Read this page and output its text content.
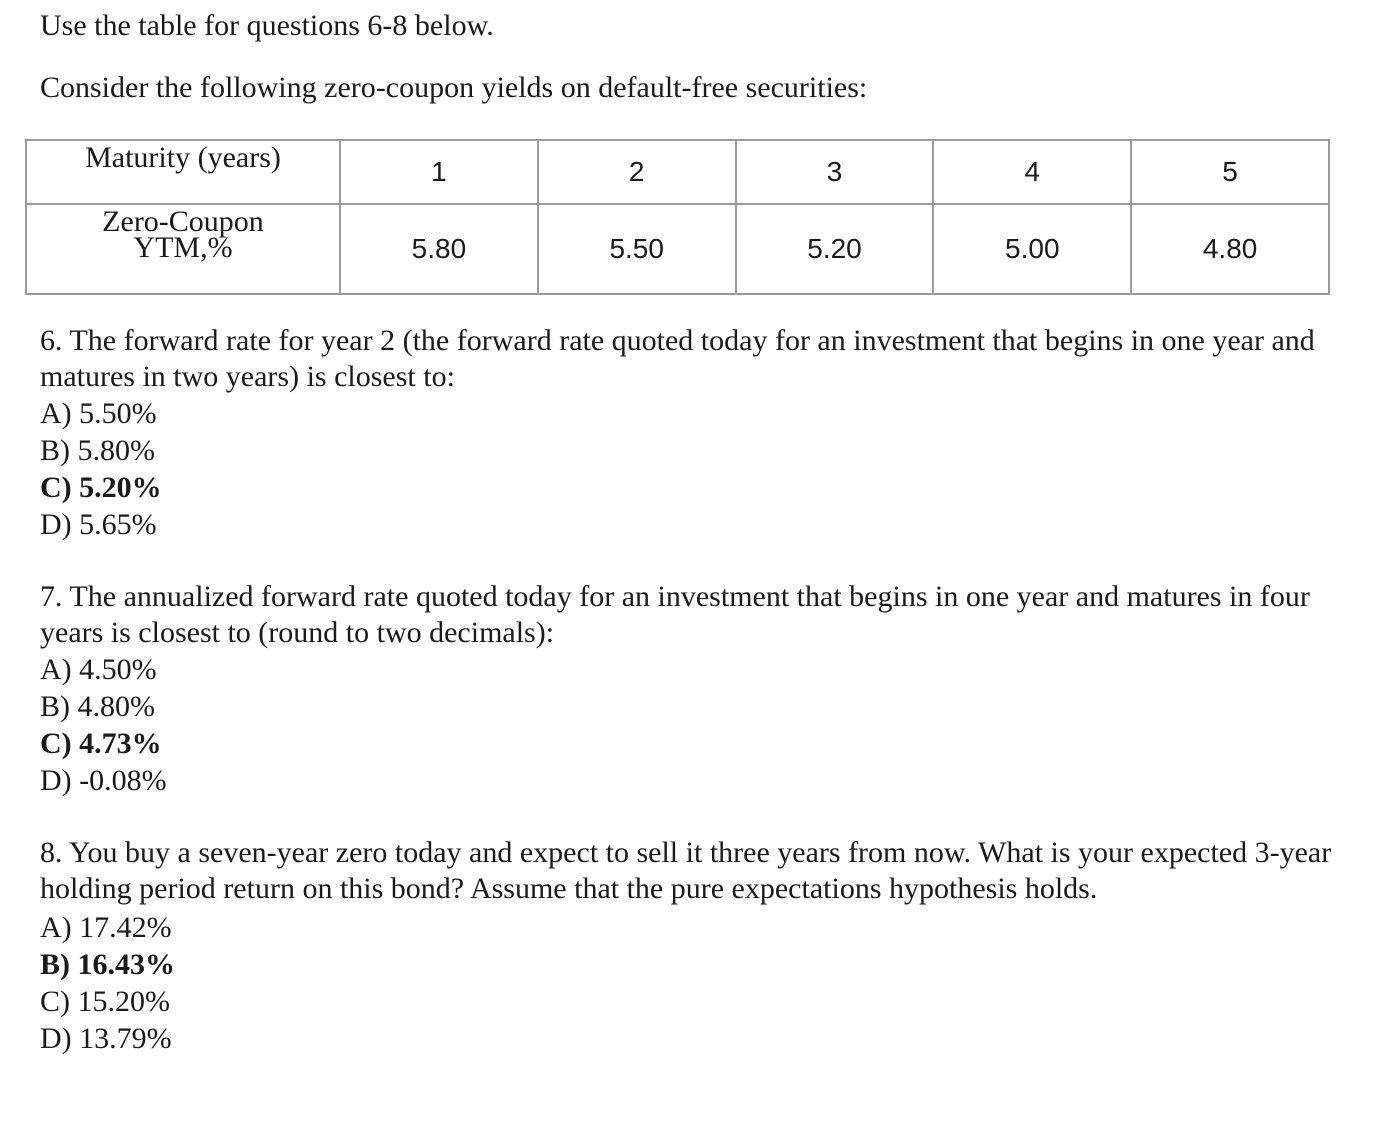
Use the table for questions 6-8 below.
Consider the following zero-coupon yields on default-free securities:
Maturity (years)	1	2	3	4	5

Zero-Coupon
YTM,%	5.80	5.50	5.20	5.00	4.80

6. The forward rate for year 2 (the forward rate quoted today for an investment that begins in one year and matures in two years) is closest to:

A) 5.50%

B) 5.80%

C) 5.20%

D) 5.65%

7. The annualized forward rate quoted today for an investment that begins in one year and matures in four years is closest to (round to two decimals):

A) 4.50%

B) 4.80%

C) 4.73%

D) -0.08%

8. You buy a seven-year zero today and expect to sell it three years from now. What is your expected 3-year holding period return on this bond? Assume that the pure expectations hypothesis holds.

A) 17.42%

B) 16.43%

C) 15.20%

D) 13.79%
